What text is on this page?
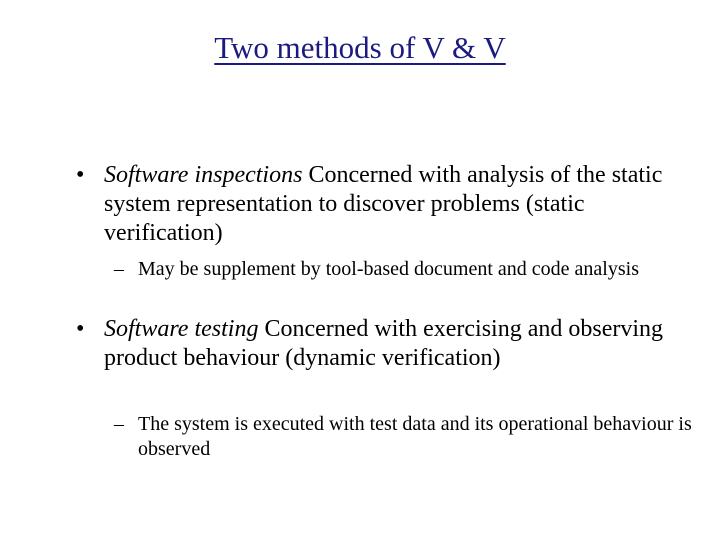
Two methods of V & V
• Software inspections Concerned with analysis of the static system representation to discover problems (static verification)
– May be supplement by tool-based document and code analysis
• Software testing Concerned with exercising and observing product behaviour (dynamic verification)
– The system is executed with test data and its operational behaviour is observed
